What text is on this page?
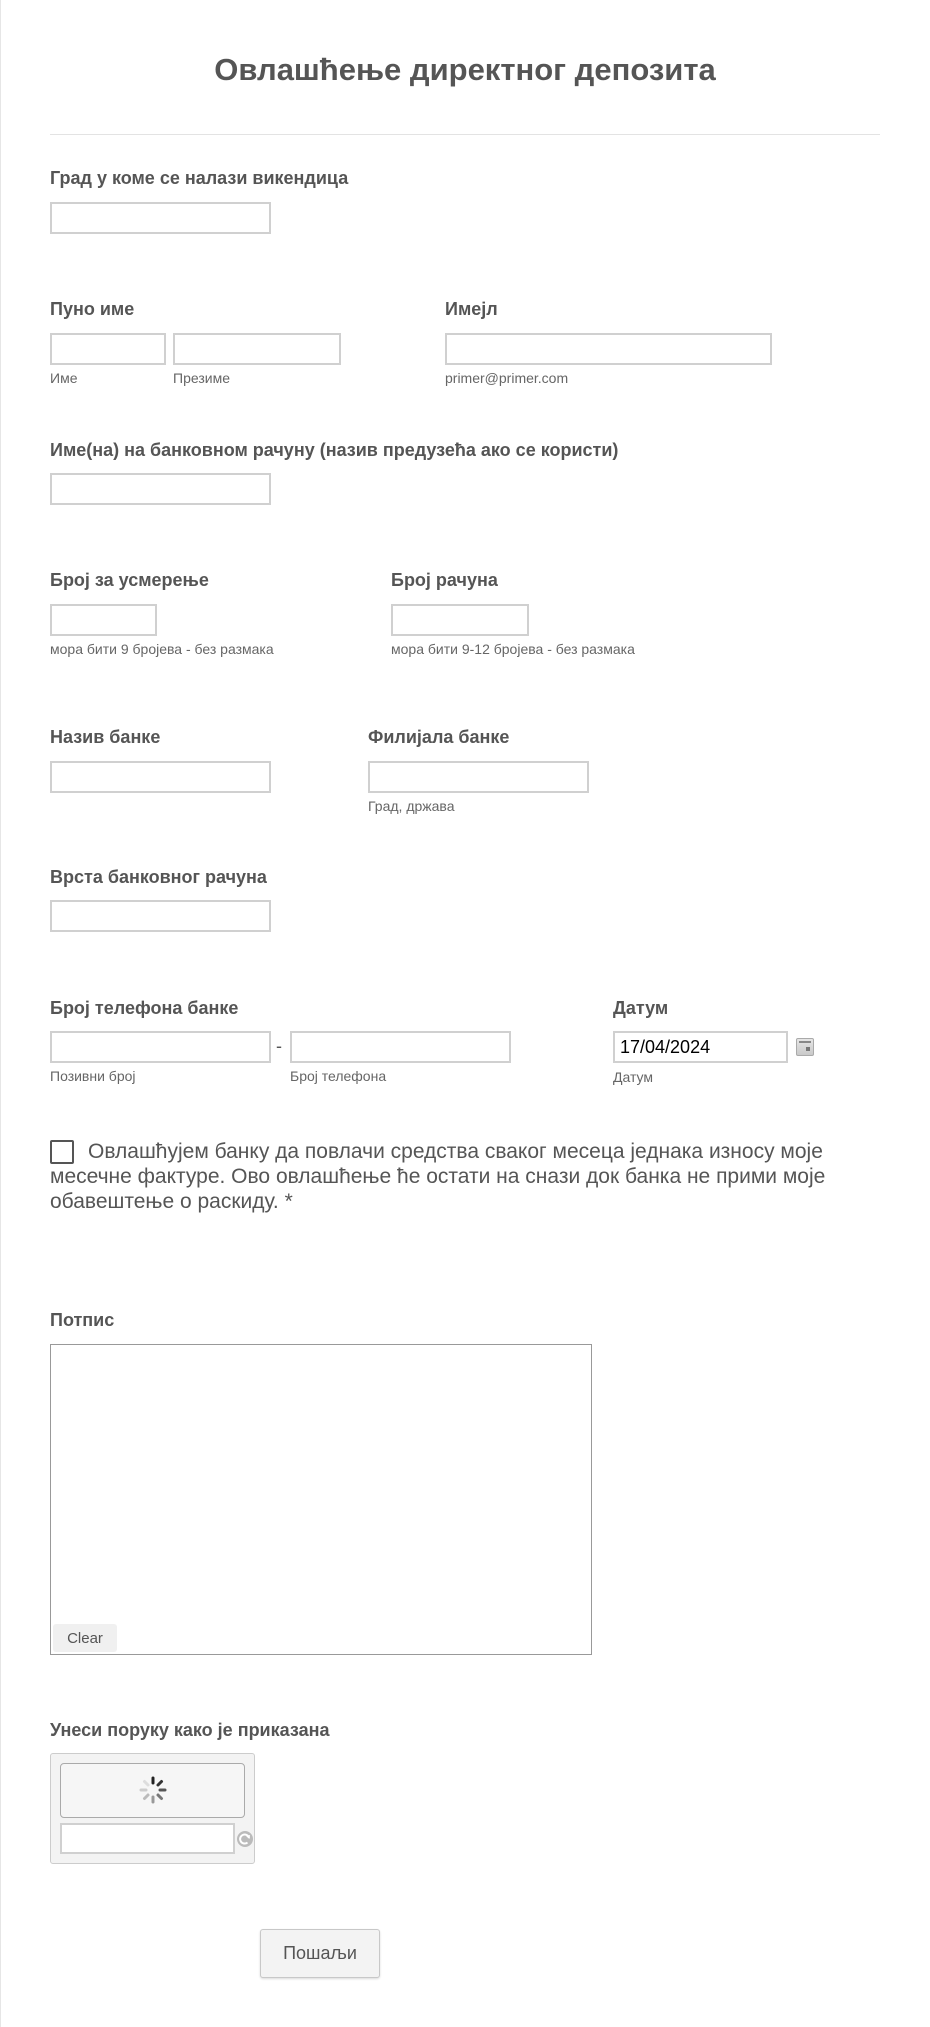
Овлашћење директног депозита
Град у коме се налази викендица
Пуно име
Име	Презиме
Имејл
primer@primer.com
Име(на) на банковном рачуну (назив предузећа ако се користи)
Број за усмерење
мора бити 9 бројева - без размака
Број рачуна
мора бити 9-12 бројева - без размака
Назив банке	Филијала банке
Град, држава
Врста банковног рачуна
Број телефона банке
-
Позивни број	Број телефона
Датум
17/04/2024
Датум
Овлашћујем банку да повлачи средства сваког месеца једнака износу моје месечне фактуре. Ово овлашћење ће остати на снази док банка не прими моје обавештење о раскиду. *
Потпис
Clear
Унеси поруку како је приказана
Пошаљи
